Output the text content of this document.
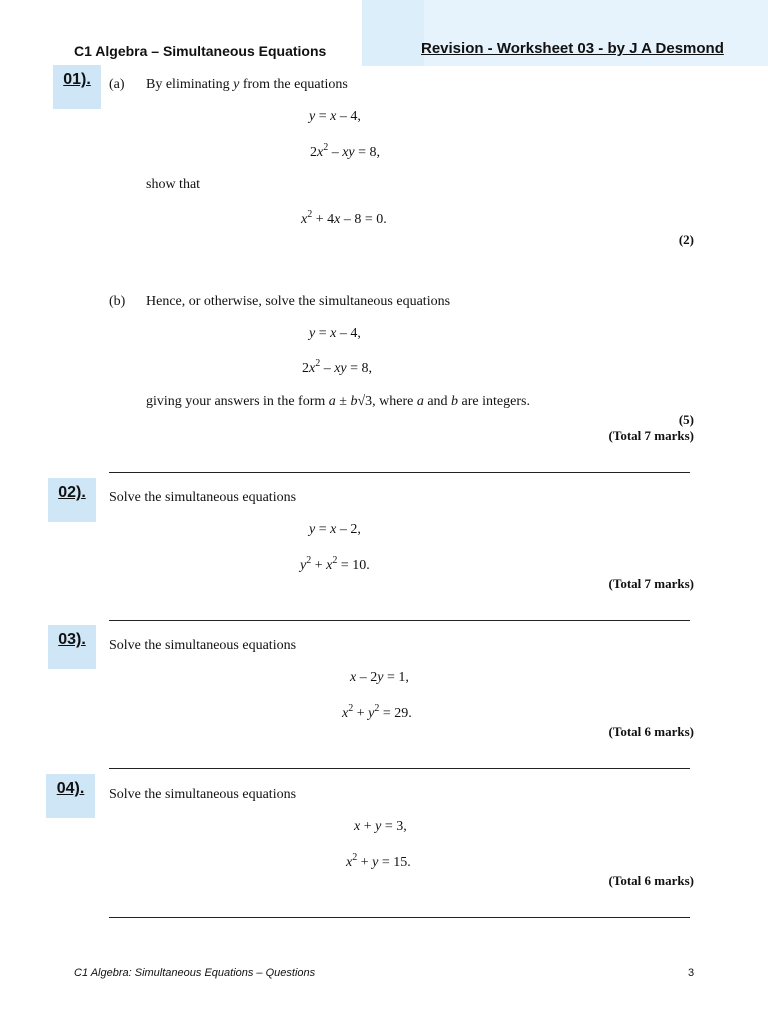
C1 Algebra – Simultaneous Equations	Revision - Worksheet 03 - by J A Desmond
01).	(a) By eliminating y from the equations
y = x – 4,
$2x^2$ – xy = 8,
show that
$x^2 + 4x - 8 = 0$.
(2)
(b) Hence, or otherwise, solve the simultaneous equations
y = x – 4,
$2x^2$ – xy = 8,
giving your answers in the form a ± b√3, where a and b are integers.
(5)
(Total 7 marks)
02).	Solve the simultaneous equations
y = x – 2,
$y^2 + x^2 = 10$.
(Total 7 marks)
03).	Solve the simultaneous equations
x – 2y = 1,
$x^2 + y^2 = 29$.
(Total 6 marks)
04).	Solve the simultaneous equations
x + y = 3,
$x^2 + y = 15$.
(Total 6 marks)
C1 Algebra: Simultaneous Equations – Questions	3
